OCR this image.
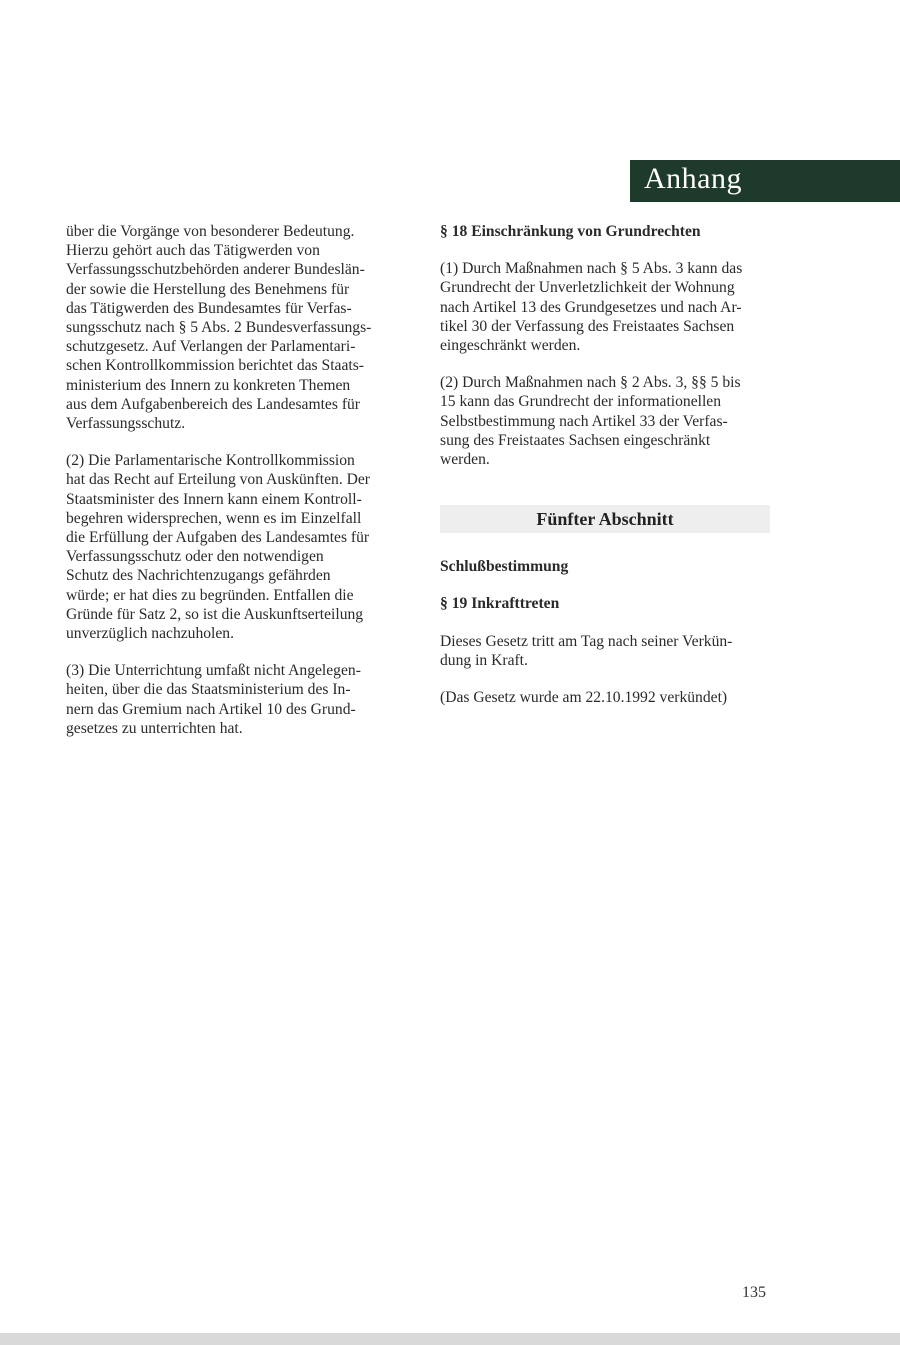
Anhang
über die Vorgänge von besonderer Bedeutung.
Hierzu gehört auch das Tätigwerden von
Verfassungsschutzbehörden anderer Bundeslän-
der sowie die Herstellung des Benehmens für
das Tätigwerden des Bundesamtes für Verfas-
sungsschutz nach § 5 Abs. 2 Bundesverfassungs-
schutzgesetz. Auf Verlangen der Parlamentari-
schen Kontrollkommission berichtet das Staats-
ministerium des Innern zu konkreten Themen
aus dem Aufgabenbereich des Landesamtes für
Verfassungsschutz.
(2) Die Parlamentarische Kontrollkommission
hat das Recht auf Erteilung von Auskünften. Der
Staatsminister des Innern kann einem Kontroll-
begehren widersprechen, wenn es im Einzelfall
die Erfüllung der Aufgaben des Landesamtes für
Verfassungsschutz oder den notwendigen
Schutz des Nachrichtenzugangs gefährden
würde; er hat dies zu begründen. Entfallen die
Gründe für Satz 2, so ist die Auskunftserteilung
unverzüglich nachzuholen.
(3) Die Unterrichtung umfaßt nicht Angelegen-
heiten, über die das Staatsministerium des In-
nern das Gremium nach Artikel 10 des Grund-
gesetzes zu unterrichten hat.
§ 18 Einschränkung von Grundrechten
(1) Durch Maßnahmen nach § 5 Abs. 3 kann das
Grundrecht der Unverletzlichkeit der Wohnung
nach Artikel 13 des Grundgesetzes und nach Ar-
tikel 30 der Verfassung des Freistaates Sachsen
eingeschränkt werden.
(2) Durch Maßnahmen nach § 2 Abs. 3, §§ 5 bis
15 kann das Grundrecht der informationellen
Selbstbestimmung nach Artikel 33 der Verfas-
sung des Freistaates Sachsen eingeschränkt
werden.
Fünfter Abschnitt
Schlußbestimmung
§ 19 Inkrafttreten
Dieses Gesetz tritt am Tag nach seiner Verkün-
dung in Kraft.
(Das Gesetz wurde am 22.10.1992 verkündet)
135
